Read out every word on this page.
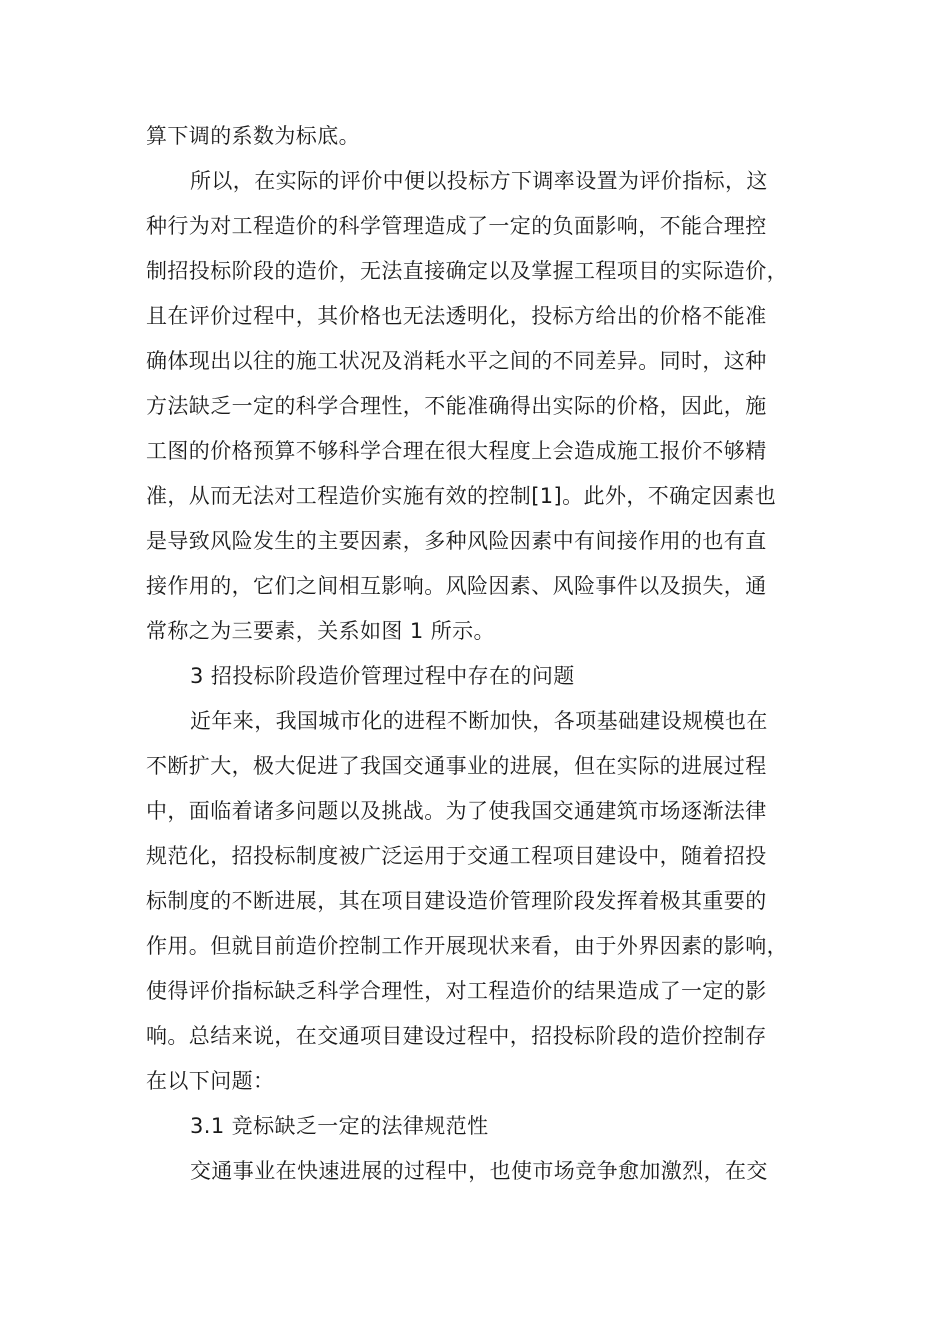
算下调的系数为标底。
所以，在实际的评价中便以投标方下调率设置为评价指标，这
种行为对工程造价的科学管理造成了一定的负面影响，不能合理控
制招投标阶段的造价，无法直接确定以及掌握工程项目的实际造价，
且在评价过程中，其价格也无法透明化，投标方给出的价格不能准
确体现出以往的施工状况及消耗水平之间的不同差异。同时，这种
方法缺乏一定的科学合理性，不能准确得出实际的价格，因此，施
工图的价格预算不够科学合理在很大程度上会造成施工报价不够精
准，从而无法对工程造价实施有效的控制[1]。此外，不确定因素也
是导致风险发生的主要因素，多种风险因素中有间接作用的也有直
接作用的，它们之间相互影响。风险因素、风险事件以及损失，通
常称之为三要素，关系如图 1 所示。
3 招投标阶段造价管理过程中存在的问题
近年来，我国城市化的进程不断加快，各项基础建设规模也在
不断扩大，极大促进了我国交通事业的进展，但在实际的进展过程
中，面临着诸多问题以及挑战。为了使我国交通建筑市场逐渐法律
规范化，招投标制度被广泛运用于交通工程项目建设中，随着招投
标制度的不断进展，其在项目建设造价管理阶段发挥着极其重要的
作用。但就目前造价控制工作开展现状来看，由于外界因素的影响，
使得评价指标缺乏科学合理性，对工程造价的结果造成了一定的影
响。总结来说，在交通项目建设过程中，招投标阶段的造价控制存
在以下问题：
3.1 竞标缺乏一定的法律规范性
交通事业在快速进展的过程中，也使市场竞争愈加激烈，在交
